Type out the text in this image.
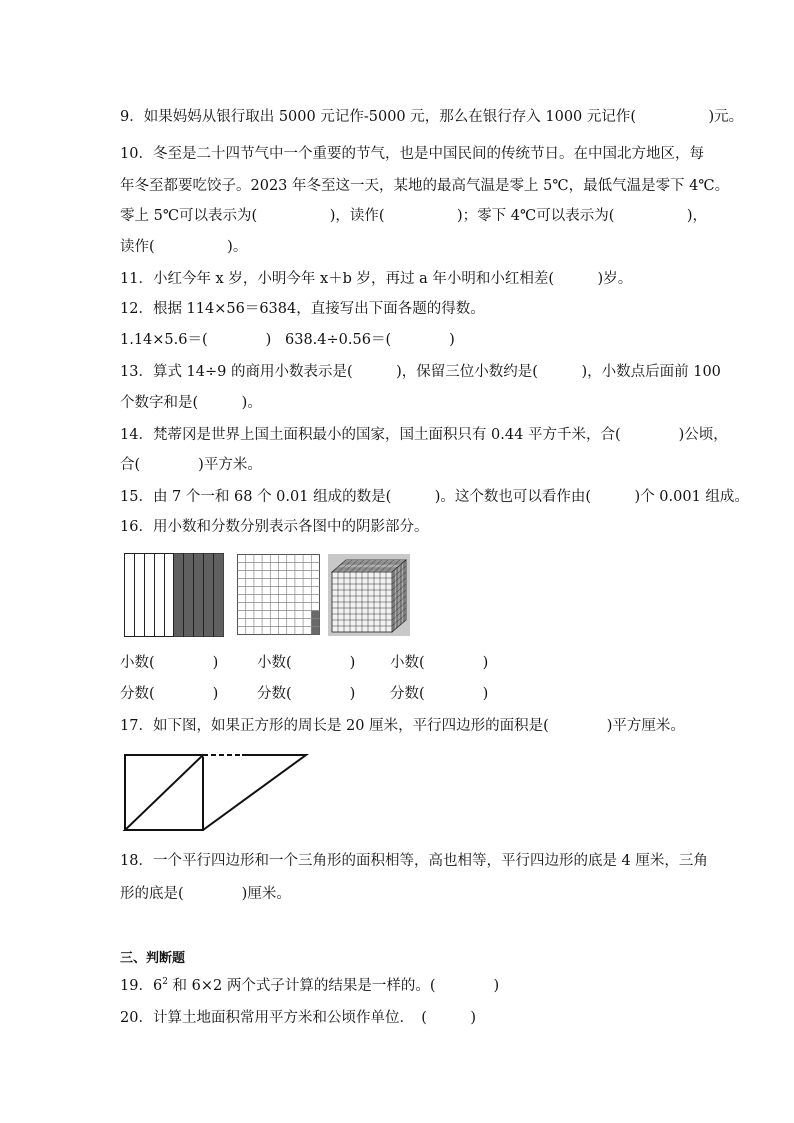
9．如果妈妈从银行取出 5000 元记作-5000 元，那么在银行存入 1000 元记作(　　　　　)元。
10．冬至是二十四节气中一个重要的节气，也是中国民间的传统节日。在中国北方地区，每
年冬至都要吃饺子。2023 年冬至这一天，某地的最高气温是零上 5℃，最低气温是零下 4℃。
零上 5℃可以表示为(　　　　　)，读作(　　　　　)；零下 4℃可以表示为(　　　　　)，
读作(　　　　　)。
11．小红今年 x 岁，小明今年 x＋b 岁，再过 a 年小明和小红相差(　　　)岁。
12．根据 114×56＝6384，直接写出下面各题的得数。
1.14×5.6＝(　　　　) 638.4÷0.56＝(　　　　)
13．算式 14÷9 的商用小数表示是(　　　)，保留三位小数约是(　　　)，小数点后面前 100
个数字和是(　　　)。
14．梵蒂冈是世界上国土面积最小的国家，国土面积只有 0.44 平方千米，合(　　　　)公顷，
合(　　　　)平方米。
15．由 7 个一和 68 个 0.01 组成的数是(　　　)。这个数也可以看作由(　　　)个 0.001 组成。
16．用小数和分数分别表示各图中的阴影部分。
小数(　　　　)	小数(　　　　) 小数(　　　　)
分数(　　　　)	分数(　　　　) 分数(　　　　)
17．如下图，如果正方形的周长是 20 厘米，平行四边形的面积是(　　　　)平方厘米。
18．一个平行四边形和一个三角形的面积相等，高也相等，平行四边形的底是 4 厘米，三角
形的底是(　　　　)厘米。
三、判断题
19．$6^2$ 和 6×2 两个式子计算的结果是一样的。(　　　　)
20．计算土地面积常用平方米和公顷作单位．　(　　　)
